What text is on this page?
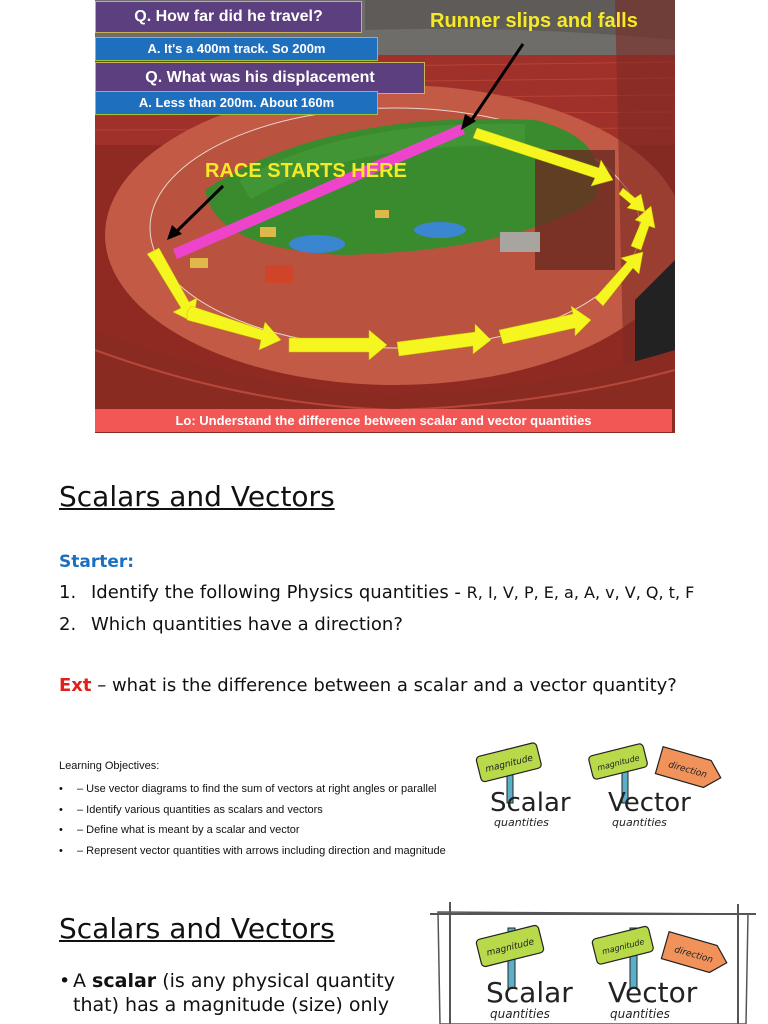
Q. How far did he travel?
A. It's a 400m track. So 200m
Q. What was his displacement
A. Less than 200m. About 160m
Runner slips and falls
RACE STARTS HERE
Lo: Understand the difference between scalar and vector quantities
Scalars and Vectors
Starter:
1. Identify the following Physics quantities - R, I, V, P, E, a, A, v, V, Q, t, F
2. Which quantities have a direction?
Ext – what is the difference between a scalar and a vector quantity?
Learning Objectives:
• – Use vector diagrams to find the sum of vectors at right angles or parallel
• – Identify various quantities as scalars and vectors
• – Define what is meant by a scalar and vector
• – Represent vector quantities with arrows including direction and magnitude
magnitude
Scalar
quantities
magnitude	direction
Vector
quantities
Scalars and Vectors
• A scalar (is any physical quantity that) has a magnitude (size) only
magnitude
Scalar
quantities
magnitude	direction
Vector
quantities
